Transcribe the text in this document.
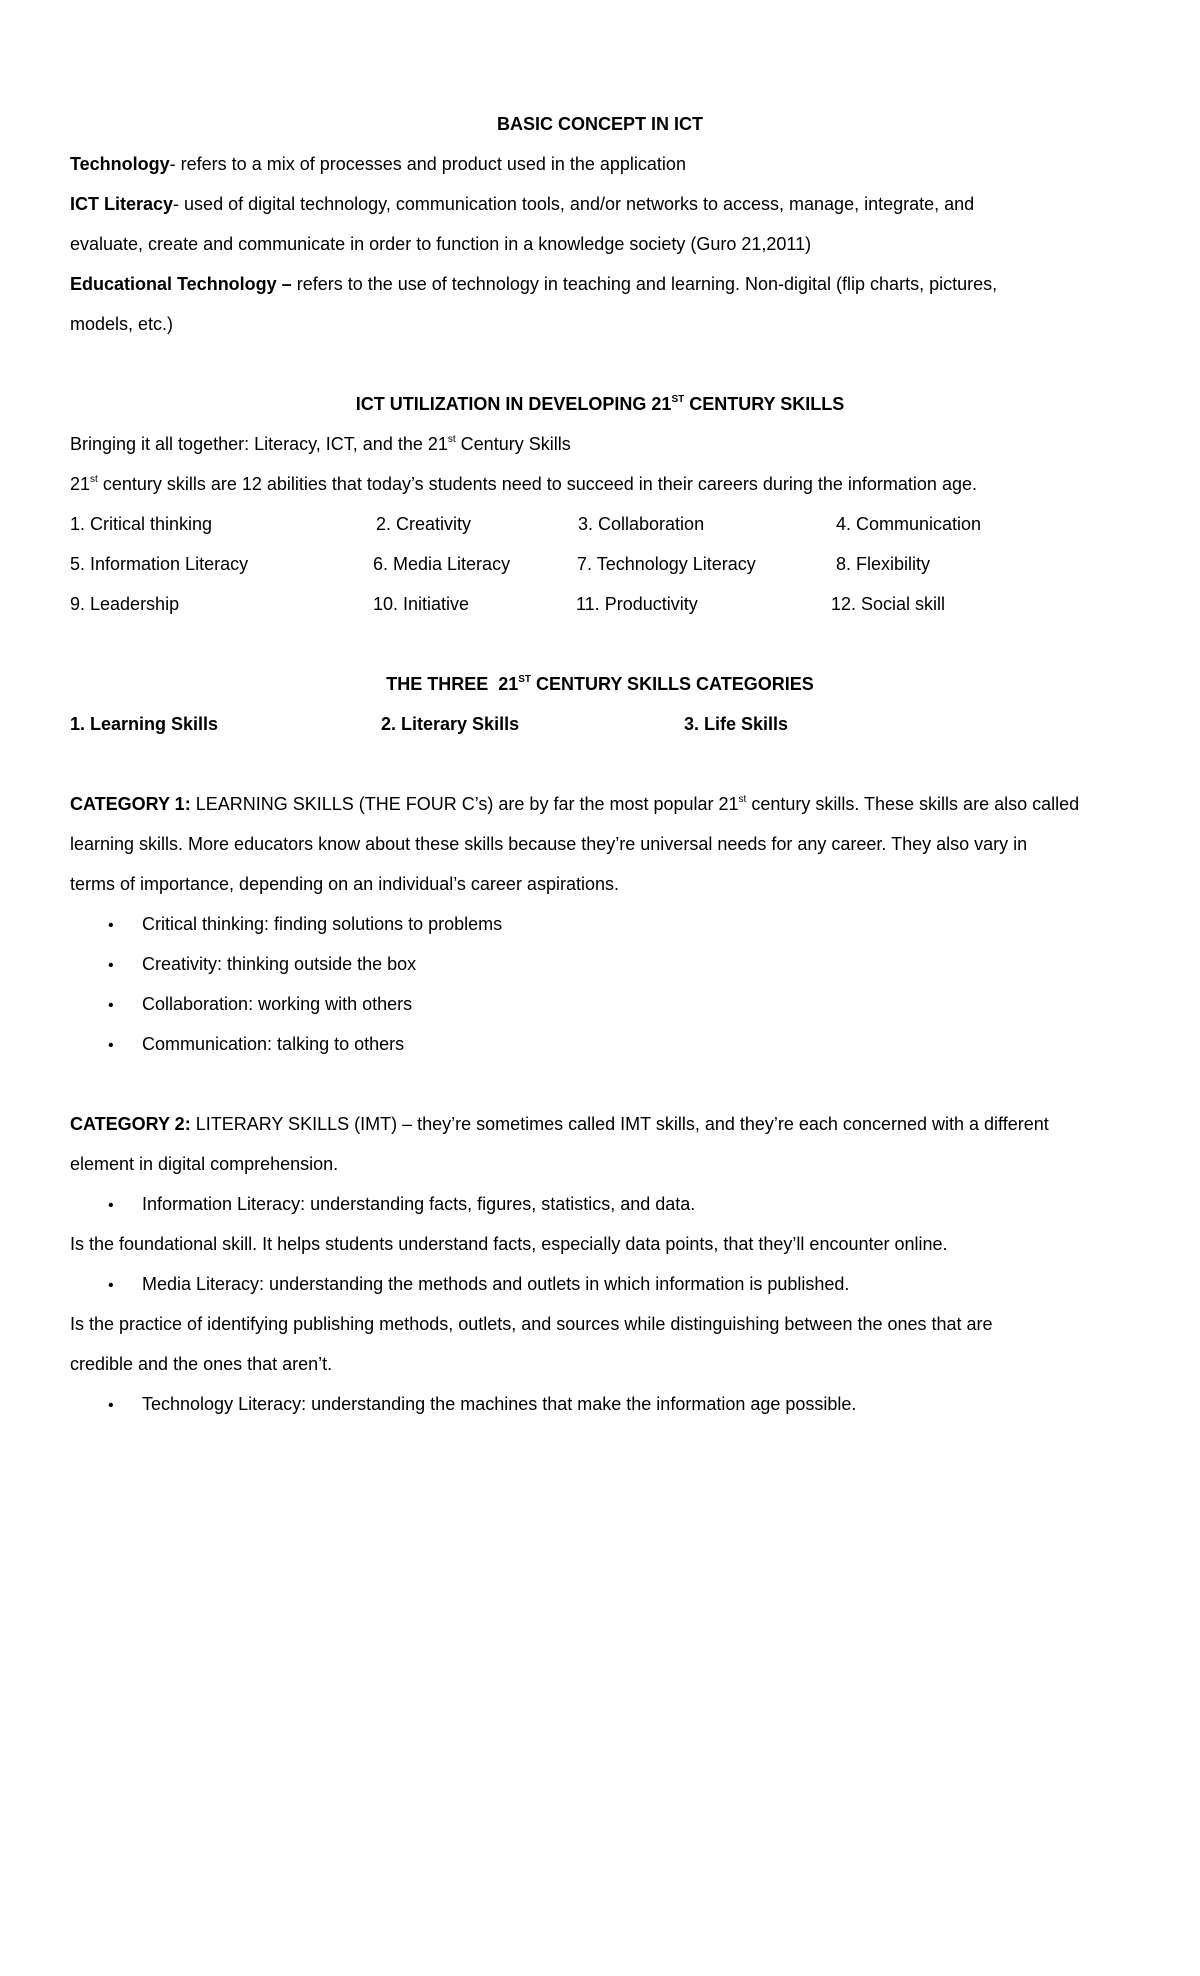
BASIC CONCEPT IN ICT
Technology- refers to a mix of processes and product used in the application
ICT Literacy- used of digital technology, communication tools, and/or networks to access, manage, integrate, and
evaluate, create and communicate in order to function in a knowledge society (Guro 21,2011)
Educational Technology – refers to the use of technology in teaching and learning. Non-digital (flip charts, pictures,
models, etc.)
ICT UTILIZATION IN DEVELOPING 21ST CENTURY SKILLS
Bringing it all together: Literacy, ICT, and the 21st Century Skills
21st century skills are 12 abilities that today’s students need to succeed in their careers during the information age.
1. Critical thinking	2. Creativity	3. Collaboration	4. Communication
5. Information Literacy	6. Media Literacy	7. Technology Literacy	8. Flexibility
9. Leadership	10. Initiative	11. Productivity	12. Social skill
THE THREE  21ST CENTURY SKILLS CATEGORIES
1. Learning Skills	2. Literary Skills	3. Life Skills
CATEGORY 1: LEARNING SKILLS (THE FOUR C’s) are by far the most popular 21st century skills. These skills are also called
learning skills. More educators know about these skills because they’re universal needs for any career. They also vary in
terms of importance, depending on an individual’s career aspirations.
• Critical thinking: finding solutions to problems
• Creativity: thinking outside the box
• Collaboration: working with others
• Communication: talking to others
CATEGORY 2: LITERARY SKILLS (IMT) – they’re sometimes called IMT skills, and they’re each concerned with a different
element in digital comprehension.
• Information Literacy: understanding facts, figures, statistics, and data.
Is the foundational skill. It helps students understand facts, especially data points, that they’ll encounter online.
• Media Literacy: understanding the methods and outlets in which information is published.
Is the practice of identifying publishing methods, outlets, and sources while distinguishing between the ones that are
credible and the ones that aren’t.
• Technology Literacy: understanding the machines that make the information age possible.
